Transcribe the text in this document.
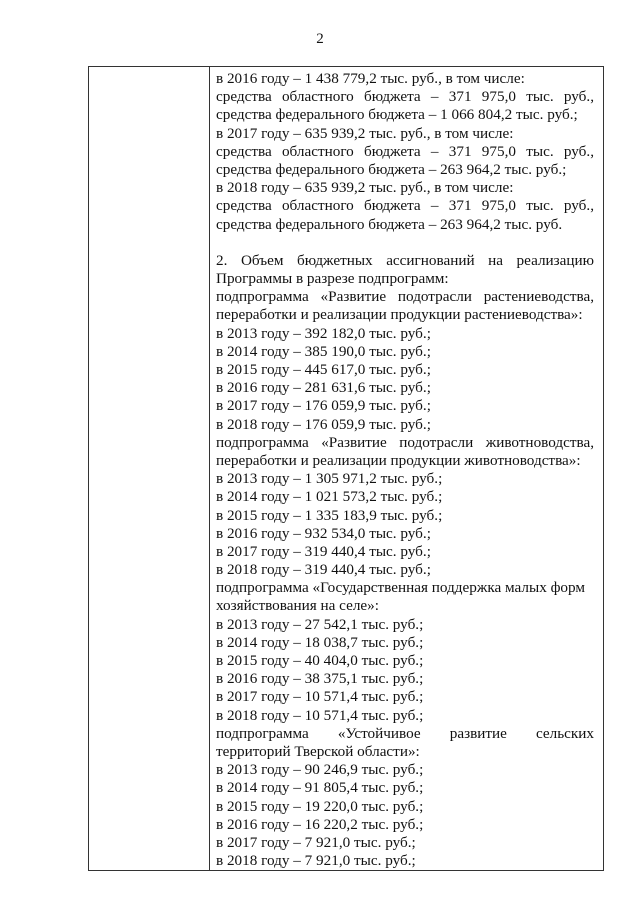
2

в 2016 году – 1 438 779,2 тыс. руб., в том числе:
средства областного бюджета – 371 975,0 тыс. руб.,
средства федерального бюджета – 1 066 804,2 тыс. руб.;
в 2017 году – 635 939,2 тыс. руб., в том числе:
средства областного бюджета – 371 975,0 тыс. руб.,
средства федерального бюджета – 263 964,2 тыс. руб.;
в 2018 году – 635 939,2 тыс. руб., в том числе:
средства областного бюджета – 371 975,0 тыс. руб.,
средства федерального бюджета – 263 964,2 тыс. руб.
2. Объем бюджетных ассигнований на реализацию
Программы в разрезе подпрограмм:
подпрограмма «Развитие подотрасли растениеводства,
переработки и реализации продукции растениеводства»:
в 2013 году – 392 182,0 тыс. руб.;
в 2014 году – 385 190,0 тыс. руб.;
в 2015 году – 445 617,0 тыс. руб.;
в 2016 году – 281 631,6 тыс. руб.;
в 2017 году – 176 059,9 тыс. руб.;
в 2018 году – 176 059,9 тыс. руб.;
подпрограмма «Развитие подотрасли животноводства,
переработки и реализации продукции животноводства»:
в 2013 году – 1 305 971,2 тыс. руб.;
в 2014 году – 1 021 573,2 тыс. руб.;
в 2015 году – 1 335 183,9 тыс. руб.;
в 2016 году – 932 534,0 тыс. руб.;
в 2017 году – 319 440,4 тыс. руб.;
в 2018 году – 319 440,4 тыс. руб.;
подпрограмма «Государственная поддержка малых форм
хозяйствования на селе»:
в 2013 году – 27 542,1 тыс. руб.;
в 2014 году – 18 038,7 тыс. руб.;
в 2015 году – 40 404,0 тыс. руб.;
в 2016 году – 38 375,1 тыс. руб.;
в 2017 году – 10 571,4 тыс. руб.;
в 2018 году – 10 571,4 тыс. руб.;
подпрограмма «Устойчивое развитие сельских
территорий Тверской области»:
в 2013 году – 90 246,9 тыс. руб.;
в 2014 году – 91 805,4 тыс. руб.;
в 2015 году – 19 220,0 тыс. руб.;
в 2016 году – 16 220,2 тыс. руб.;
в 2017 году – 7 921,0 тыс. руб.;
в 2018 году – 7 921,0 тыс. руб.;
